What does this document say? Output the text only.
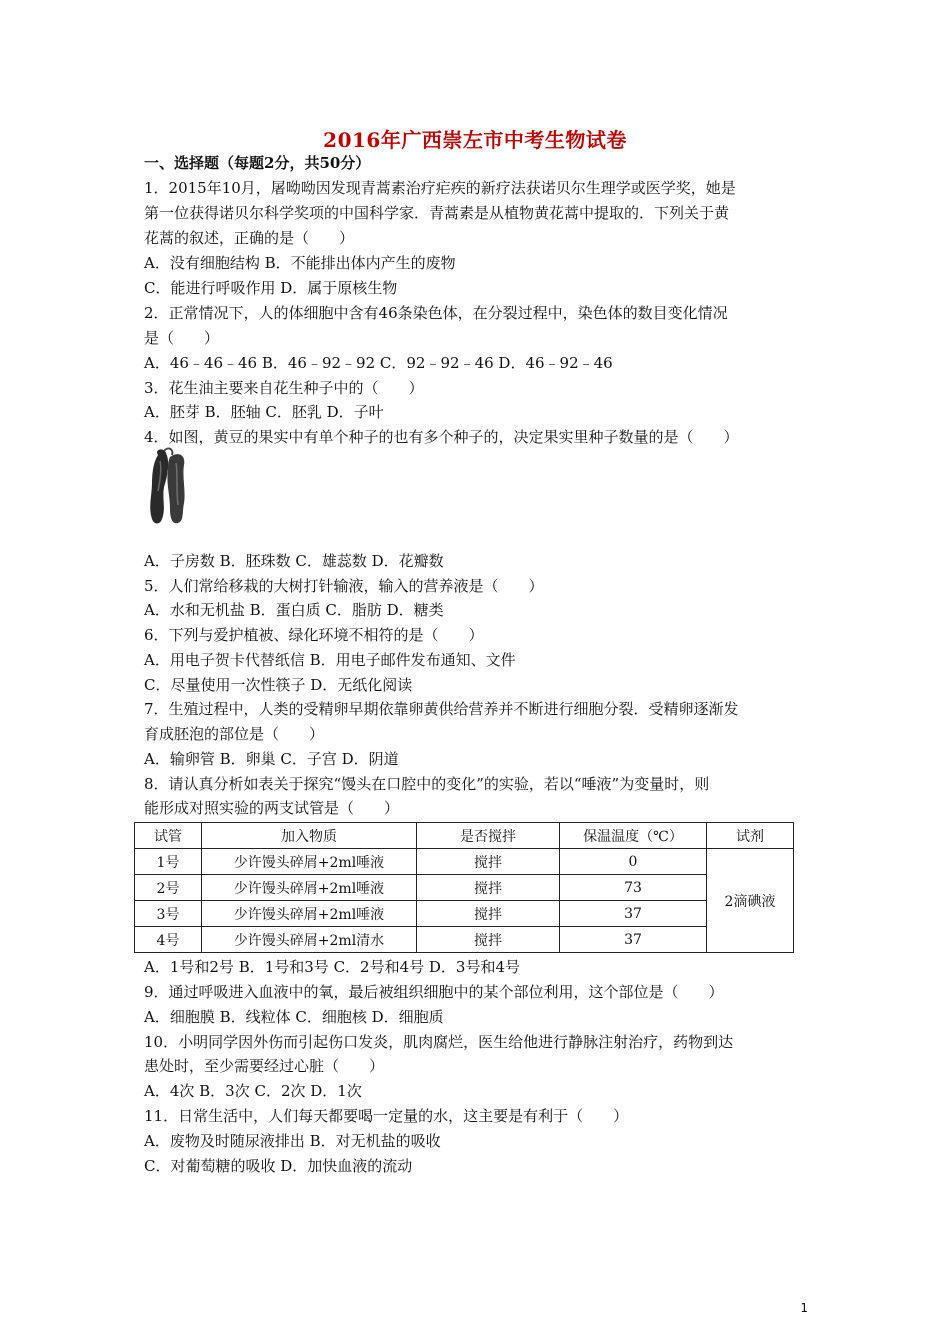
2016年广西崇左市中考生物试卷
一、选择题（每题2分，共50分）
1．2015年10月，屠呦呦因发现青蒿素治疗疟疾的新疗法获诺贝尔生理学或医学奖，她是
第一位获得诺贝尔科学奖项的中国科学家．青蒿素是从植物黄花蒿中提取的．下列关于黄
花蒿的叙述，正确的是（　　）
A．没有细胞结构 B．不能排出体内产生的废物
C．能进行呼吸作用 D．属于原核生物
2．正常情况下，人的体细胞中含有46条染色体，在分裂过程中，染色体的数目变化情况
是（　　）
A．46﹣46﹣46 B．46﹣92﹣92 C．92﹣92﹣46 D．46﹣92﹣46
3．花生油主要来自花生种子中的（　　）
A．胚芽 B．胚轴 C．胚乳 D．子叶
4．如图，黄豆的果实中有单个种子的也有多个种子的，决定果实里种子数量的是（　　）
A．子房数 B．胚珠数 C．雄蕊数 D．花瓣数
5．人们常给移栽的大树打针输液，输入的营养液是（　　）
A．水和无机盐 B．蛋白质 C．脂肪 D．糖类
6．下列与爱护植被、绿化环境不相符的是（　　）
A．用电子贺卡代替纸信 B．用电子邮件发布通知、文件
C．尽量使用一次性筷子 D．无纸化阅读
7．生殖过程中，人类的受精卵早期依靠卵黄供给营养并不断进行细胞分裂．受精卵逐渐发
育成胚泡的部位是（　　）
A．输卵管 B．卵巢 C．子宫 D．阴道
8．请认真分析如表关于探究“馒头在口腔中的变化”的实验，若以“唾液”为变量时，则
能形成对照实验的两支试管是（　　）
试管	加入物质	是否搅拌	保温温度（℃）	试剂
1号	少许馒头碎屑+2ml唾液	搅拌	0	2滴碘液
2号	少许馒头碎屑+2ml唾液	搅拌	73	
3号	少许馒头碎屑+2ml唾液	搅拌	37	
4号	少许馒头碎屑+2ml清水	搅拌	37	
A．1号和2号 B．1号和3号 C．2号和4号 D．3号和4号
9．通过呼吸进入血液中的氧，最后被组织细胞中的某个部位利用，这个部位是（　　）
A．细胞膜 B．线粒体 C．细胞核 D．细胞质
10．小明同学因外伤而引起伤口发炎，肌肉腐烂，医生给他进行静脉注射治疗，药物到达
患处时，至少需要经过心脏（　　）
A．4次 B．3次 C．2次 D．1次
11．日常生活中，人们每天都要喝一定量的水，这主要是有利于（　　）
A．废物及时随尿液排出 B．对无机盐的吸收
C．对葡萄糖的吸收 D．加快血液的流动
1
